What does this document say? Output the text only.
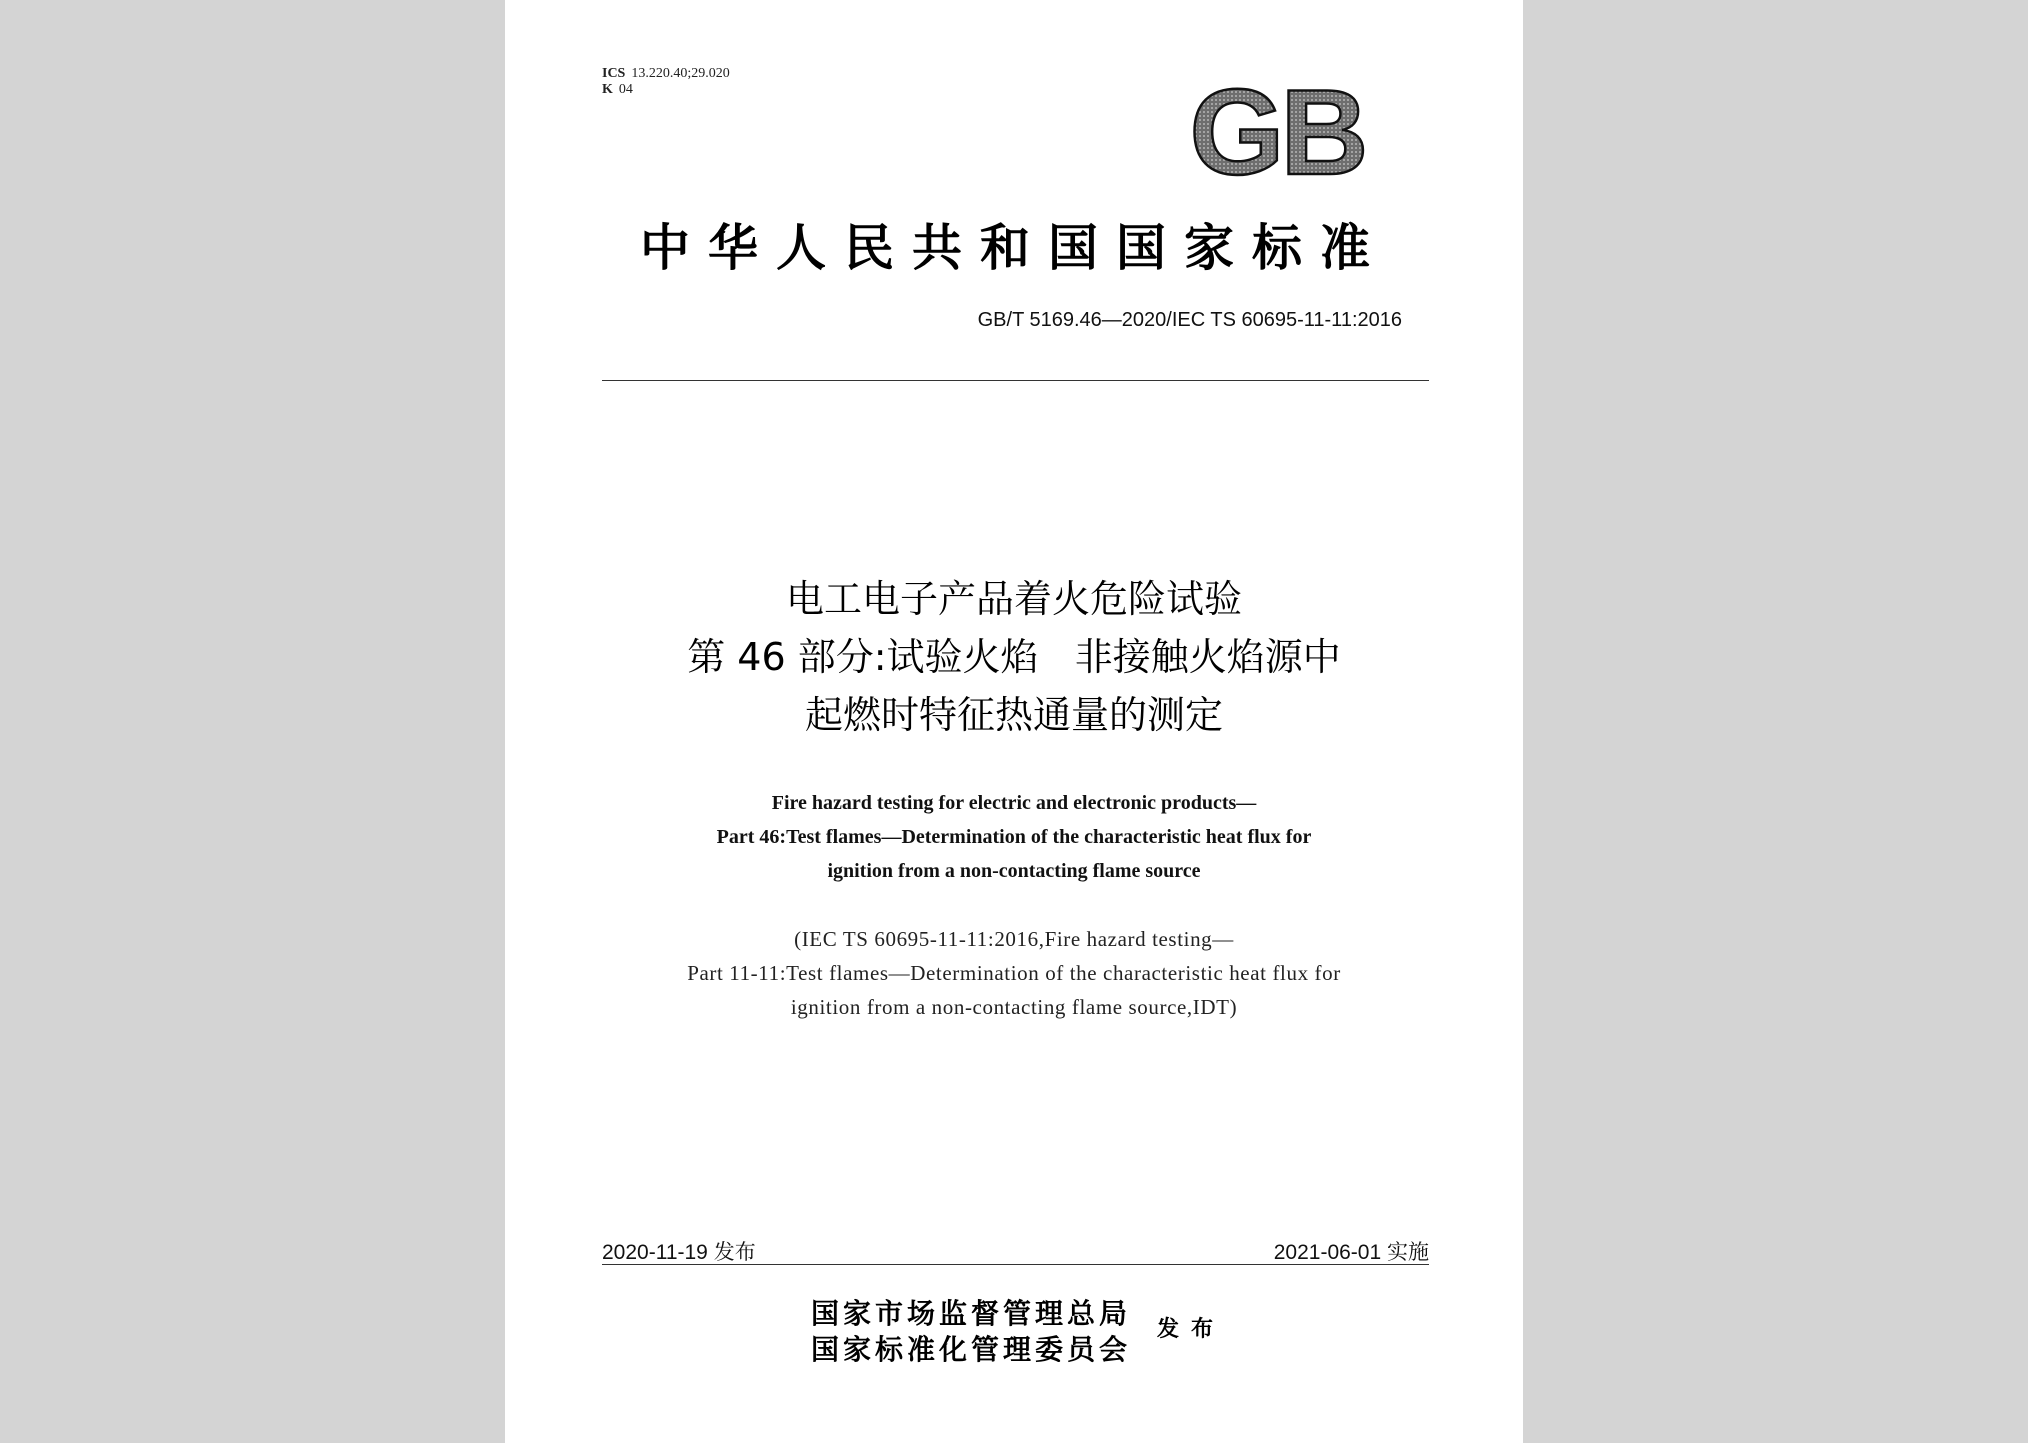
ICS 13.220.40;29.020
K 04	GB
中华人民共和国国家标准
GB/T 5169.46—2020/IEC TS 60695-11-11:2016
电工电子产品着火危险试验
第 46 部分:试验火焰   非接触火焰源中
起燃时特征热通量的测定
Fire hazard testing for electric and electronic products—
Part 46:Test flames—Determination of the characteristic heat flux for
ignition from a non-contacting flame source
(IEC TS 60695-11-11:2016,Fire hazard testing—
Part 11-11:Test flames—Determination of the characteristic heat flux for
ignition from a non-contacting flame source,IDT)
2020-11-19 发布	2021-06-01 实施
国家市场监督管理总局
国家标准化管理委员会
发布
